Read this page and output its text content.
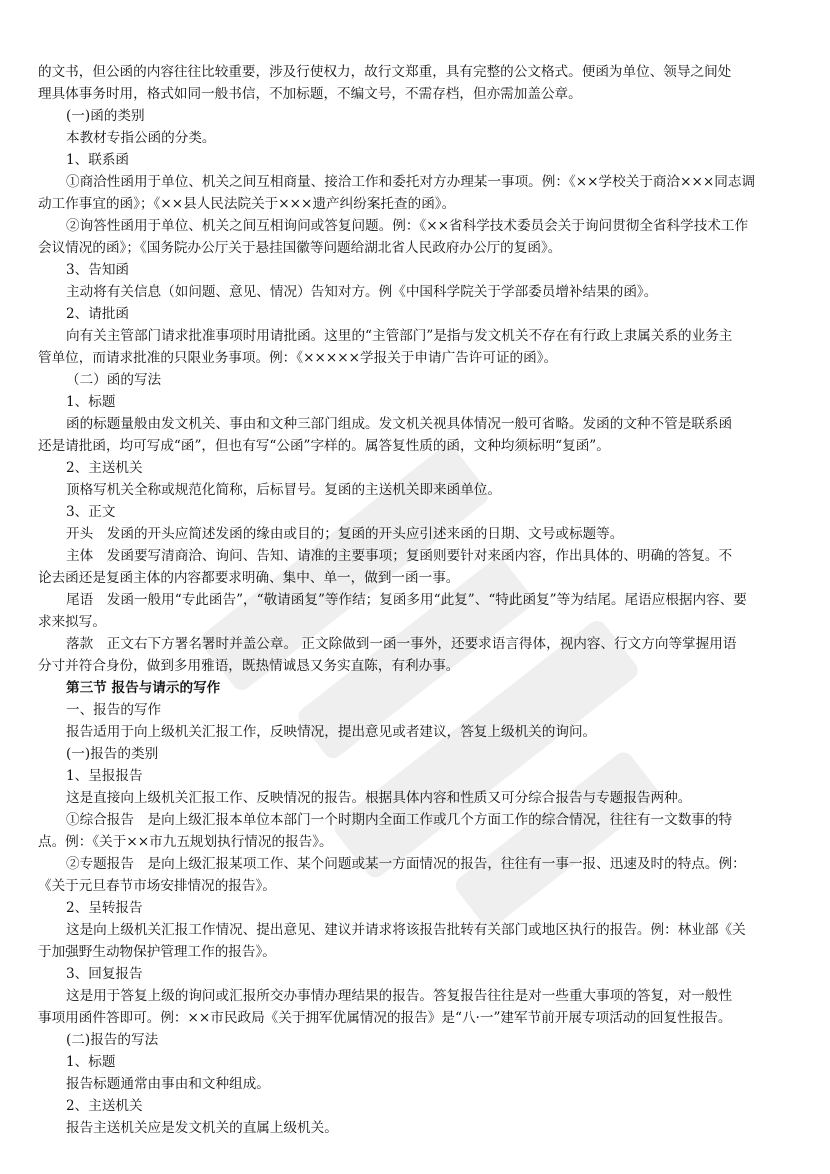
的文书，但公函的内容往往比较重要，涉及行使权力，故行文郑重，具有完整的公文格式。便函为单位、领导之间处
理具体事务时用，格式如同一般书信，不加标题，不编文号，不需存档，但亦需加盖公章。
(一)函的类别
本教材专指公函的分类。
1、联系函
①商洽性函用于单位、机关之间互相商量、接洽工作和委托对方办理某一事项。例：《××学校关于商洽×××同志调
动工作事宜的函》；《××县人民法院关于×××遗产纠纷案托查的函》。
②询答性函用于单位、机关之间互相询问或答复问题。例：《××省科学技术委员会关于询问贯彻全省科学技术工作
会议情况的函》；《国务院办公厅关于悬挂国徽等问题给湖北省人民政府办公厅的复函》。
3、告知函
主动将有关信息（如问题、意见、情况）告知对方。例《中国科学院关于学部委员增补结果的函》。
2、请批函
向有关主管部门请求批准事项时用请批函。这里的“主管部门”是指与发文机关不存在有行政上隶属关系的业务主
管单位，而请求批准的只限业务事项。例：《×××××学报关于申请广告许可证的函》。
（二）函的写法
1、标题
函的标题量般由发文机关、事由和文种三部门组成。发文机关视具体情况一般可省略。发函的文种不管是联系函
还是请批函，均可写成“函”，但也有写“公函”字样的。属答复性质的函，文种均须标明“复函”。
2、主送机关
顶格写机关全称或规范化简称，后标冒号。复函的主送机关即来函单位。
3、正文
开头　发函的开头应简述发函的缘由或目的；复函的开头应引述来函的日期、文号或标题等。
主体　发函要写清商洽、询问、告知、请准的主要事项；复函则要针对来函内容，作出具体的、明确的答复。不
论去函还是复函主体的内容都要求明确、集中、单一，做到一函一事。
尾语　发函一般用“专此函告”，“敬请函复”等作结；复函多用“此复”、“特此函复”等为结尾。尾语应根据内容、要
求来拟写。
落款　正文右下方署名署时并盖公章。 正文除做到一函一事外，还要求语言得体，视内容、行文方向等掌握用语
分寸并符合身份，做到多用雅语，既热情诚恳又务实直陈，有利办事。
第三节 报告与请示的写作
一、报告的写作
报告适用于向上级机关汇报工作，反映情况，提出意见或者建议，答复上级机关的询问。
(一)报告的类别
1、呈报报告
这是直接向上级机关汇报工作、反映情况的报告。根据具体内容和性质又可分综合报告与专题报告两种。
①综合报告　是向上级汇报本单位本部门一个时期内全面工作或几个方面工作的综合情况，往往有一文数事的特
点。例：《关于××市九五规划执行情况的报告》。
②专题报告　是向上级汇报某项工作、某个问题或某一方面情况的报告，往往有一事一报、迅速及时的特点。例：
《关于元旦春节市场安排情况的报告》。
2、呈转报告
这是向上级机关汇报工作情况、提出意见、建议并请求将该报告批转有关部门或地区执行的报告。例：林业部《关
于加强野生动物保护管理工作的报告》。
3、回复报告
这是用于答复上级的询问或汇报所交办事情办理结果的报告。答复报告往往是对一些重大事项的答复，对一般性
事项用函件答即可。例：××市民政局《关于拥军优属情况的报告》是“八·一”建军节前开展专项活动的回复性报告。
(二)报告的写法
1、标题
报告标题通常由事由和文种组成。
2、主送机关
报告主送机关应是发文机关的直属上级机关。
